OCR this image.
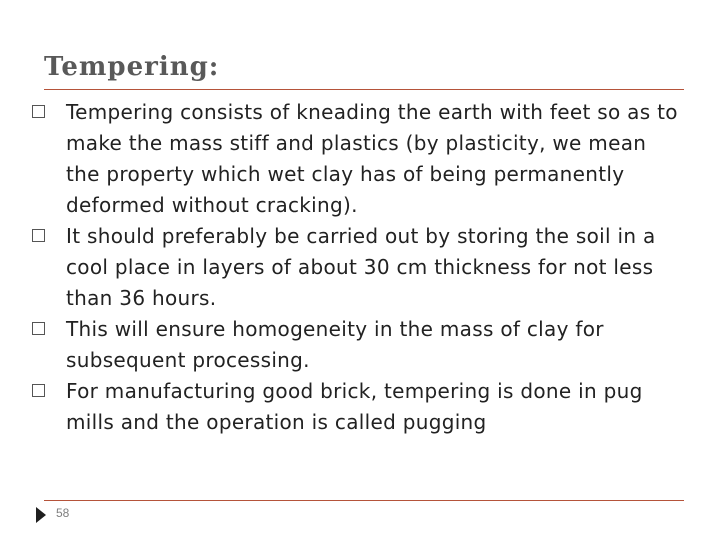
Tempering:
Tempering consists of kneading the earth with feet so as to make the mass stiff and plastics (by plasticity, we mean the property which wet clay has of being permanently deformed without cracking).
It should preferably be carried out by storing the soil in a cool place in layers of about 30 cm thickness for not less than 36 hours.
This will ensure homogeneity in the mass of clay for subsequent processing.
For manufacturing good brick, tempering is done in pug mills and the operation is called pugging
58
